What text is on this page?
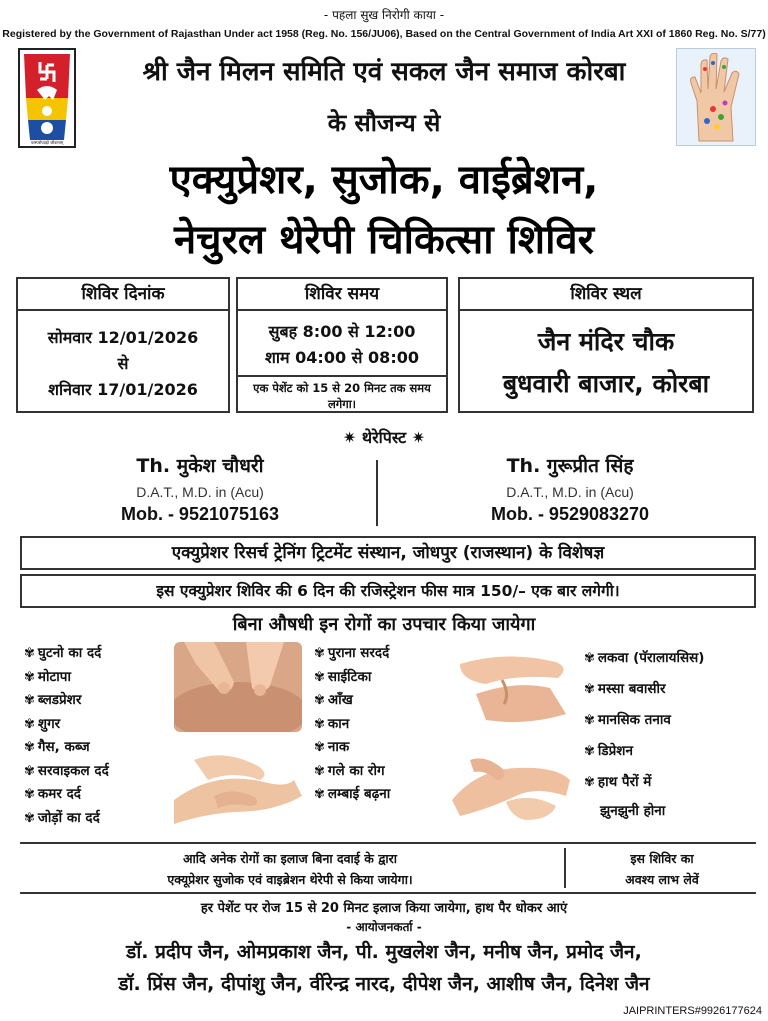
- पहला सुख निरोगी काया -
Registered by the Government of Rajasthan Under act 1958 (Reg. No. 156/JU06), Based on the Central Government of India Art XXI of 1860 Reg. No. S/77)
परस्परोपग्रहो जीवानाम्
श्री जैन मिलन समिति एवं सकल जैन समाज कोरबा
के सौजन्य से
एक्युप्रेशर, सुजोक, वाईब्रेशन,
नेचुरल थेरेपी चिकित्सा शिविर
शिविर दिनांक
सोमवार 12/01/2026
से
शनिवार 17/01/2026
शिविर समय
सुबह 8:00 से 12:00
शाम 04:00 से 08:00
एक पेशेंट को 15 से 20 मिनट तक समय लगेगा।
शिविर स्थल
जैन मंदिर चौक
बुधवारी बाजार, कोरबा
✷ थेरेपिस्ट ✷
Th. मुकेश चौधरी
D.A.T., M.D. in (Acu)
Mob. - 9521075163
Th. गुरूप्रीत सिंह
D.A.T., M.D. in (Acu)
Mob. - 9529083270
एक्युप्रेशर रिसर्च ट्रेनिंग ट्रिटमेंट संस्थान, जोधपुर (राजस्थान) के विशेषज्ञ
इस एक्युप्रेशर शिविर की 6 दिन की रजिस्ट्रेशन फीस मात्र 150/– एक बार लगेगी।
बिना औषधी इन रोगों का उपचार किया जायेगा
✾ घुटनो का दर्द
✾ मोटापा
✾ ब्लडप्रेशर
✾ शुगर
✾ गैस, कब्ज
✾ सरवाइकल दर्द
✾ कमर दर्द
✾ जोड़ों का दर्द
✾ पुराना सरदर्द
✾ साईटिका
✾ आँख
✾ कान
✾ नाक
✾ गले का रोग
✾ लम्बाई बढ़ना
✾ लकवा (पॅरालायसिस)
✾ मस्सा बवासीर
✾ मानसिक तनाव
✾ डिप्रेशन
✾ हाथ पैरों में
झुनझुनी होना
आदि अनेक रोगों का इलाज बिना दवाई के द्वारा
एक्यूप्रेशर सुजोक एवं वाइब्रेशन थेरेपी से किया जायेगा।
इस शिविर का
अवश्य लाभ लेवें
हर पेशेंट पर रोज 15 से 20 मिनट इलाज किया जायेगा, हाथ पैर धोकर आएं
- आयोजनकर्ता -
डॉ. प्रदीप जैन, ओमप्रकाश जैन, पी. मुखलेश जैन, मनीष जैन, प्रमोद जैन,
डॉ. प्रिंस जैन, दीपांशु जैन, वींरेन्द्र नारद, दीपेश जैन, आशीष जैन, दिनेश जैन
JAIPRINTERS#9926177624
